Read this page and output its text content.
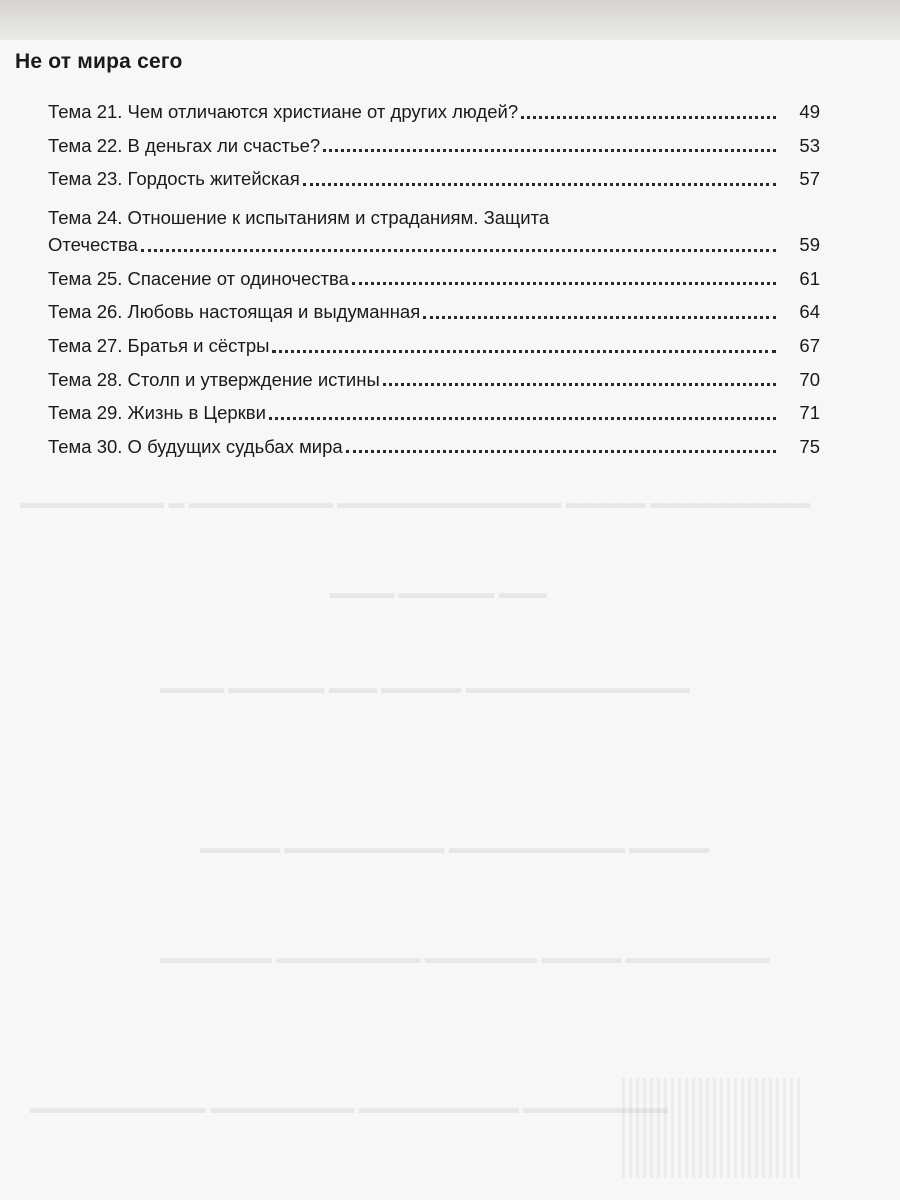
Не от мира сего
Тема 21. Чем отличаются христиане от других людей?	49
Тема 22. В деньгах ли счастье?	53
Тема 23. Гордость житейская	57
Тема 24. Отношение к испытаниям и страданиям. Защита
Отечества	59
Тема 25. Спасение от одиночества	61
Тема 26. Любовь настоящая и выдуманная	64
Тема 27. Братья и сёстры	67
Тема 28. Столп и утверждение истины	70
Тема 29. Жизнь в Церкви	71
Тема 30. О будущих судьбах мира	75
